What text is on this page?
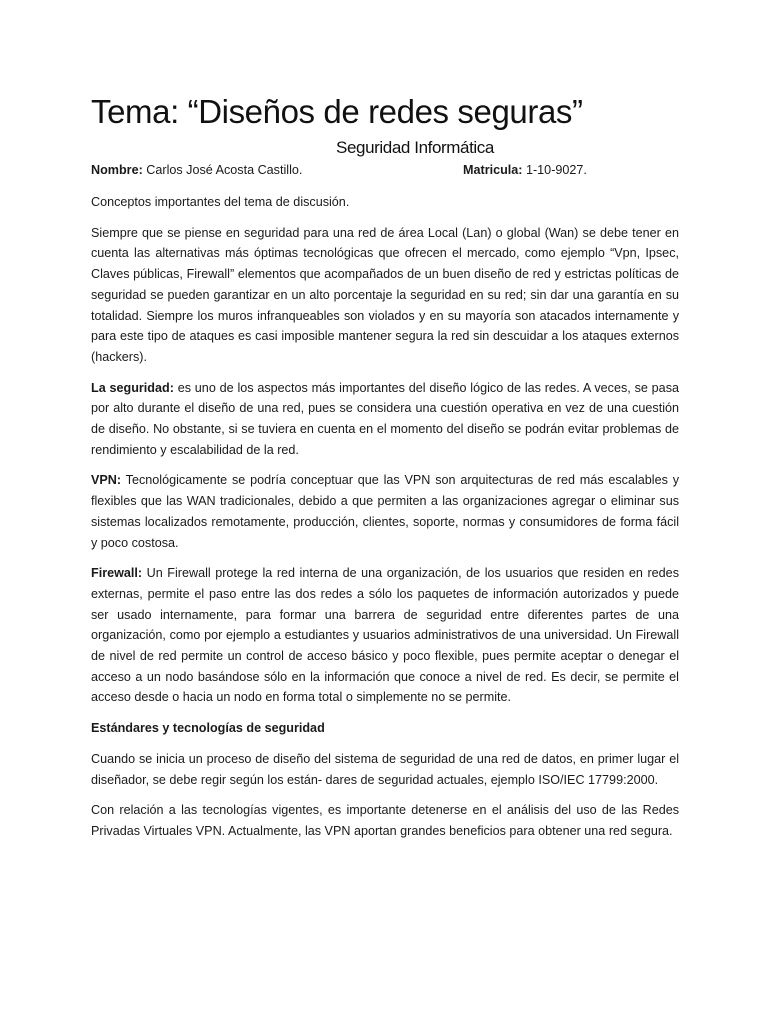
Tema: “Diseños de redes seguras”
Seguridad Informática
Nombre: Carlos José Acosta Castillo.	Matricula: 1-10-9027.

Conceptos importantes del tema de discusión.

Siempre que se piense en seguridad para una red de área Local (Lan) o global (Wan) se debe tener en cuenta las alternativas más óptimas tecnológicas que ofrecen el mercado, como ejemplo “Vpn, Ipsec, Claves públicas, Firewall” elementos que acompañados de un buen diseño de red y estrictas políticas de seguridad se pueden garantizar en un alto porcentaje la seguridad en su red; sin dar una garantía en su totalidad. Siempre los muros infranqueables son violados y en su mayoría son atacados internamente y para este tipo de ataques es casi imposible mantener segura la red sin descuidar a los ataques externos (hackers).

La seguridad: es uno de los aspectos más importantes del diseño lógico de las redes. A veces, se pasa por alto durante el diseño de una red, pues se considera una cuestión operativa en vez de una cuestión de diseño. No obstante, si se tuviera en cuenta en el momento del diseño se podrán evitar problemas de rendimiento y escalabilidad de la red.

VPN: Tecnológicamente se podría conceptuar que las VPN son arquitecturas de red más escalables y flexibles que las WAN tradicionales, debido a que permiten a las organizaciones agregar o eliminar sus sistemas localizados remotamente, producción, clientes, soporte, normas y consumidores de forma fácil y poco costosa.

Firewall: Un Firewall protege la red interna de una organización, de los usuarios que residen en redes externas, permite el paso entre las dos redes a sólo los paquetes de información autorizados y puede ser usado internamente, para formar una barrera de seguridad entre diferentes partes de una organización, como por ejemplo a estudiantes y usuarios administrativos de una universidad. Un Firewall de nivel de red permite un control de acceso básico y poco flexible, pues permite aceptar o denegar el acceso a un nodo basándose sólo en la información que conoce a nivel de red. Es decir, se permite el acceso desde o hacia un nodo en forma total o simplemente no se permite.

Estándares y tecnologías de seguridad

Cuando se inicia un proceso de diseño del sistema de seguridad de una red de datos, en primer lugar el diseñador, se debe regir según los están- dares de seguridad actuales, ejemplo ISO/IEC 17799:2000.

Con relación a las tecnologías vigentes, es importante detenerse en el análisis del uso de las Redes Privadas Virtuales VPN. Actualmente, las VPN aportan grandes beneficios para obtener una red segura.
